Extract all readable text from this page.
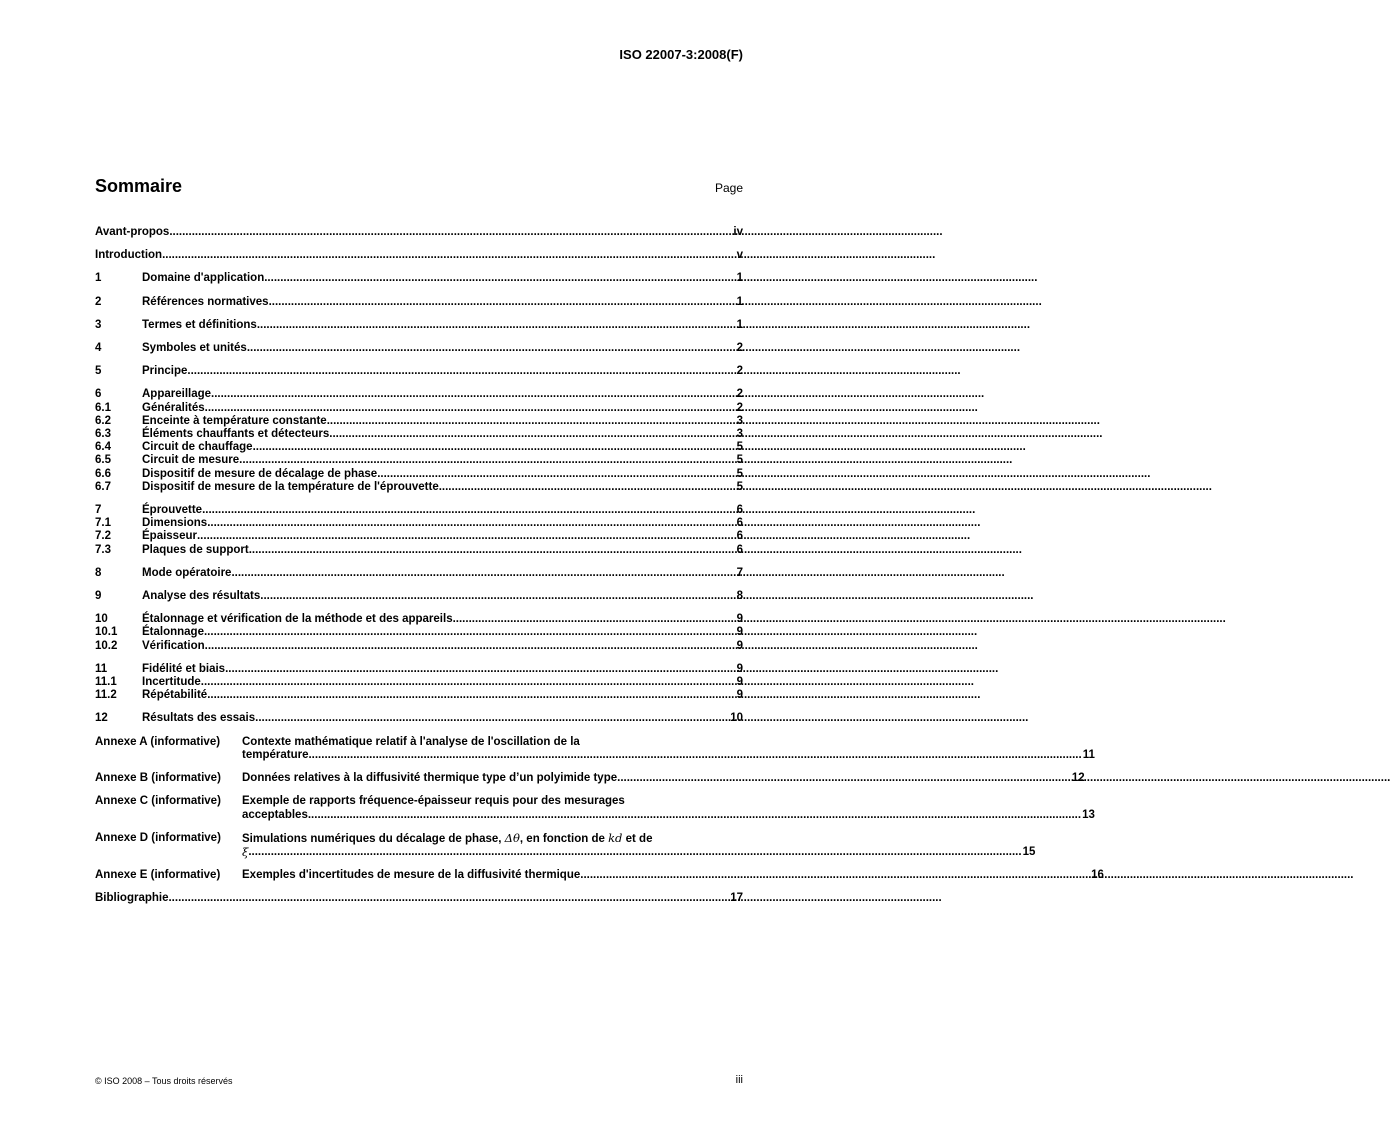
ISO 22007-3:2008(F)
Sommaire	Page
Avant-propos .....	iv
Introduction .....	v
1	Domaine d'application .....	1
2	Références normatives .....	1
3	Termes et définitions .....	1
4	Symboles et unités .....	2
5	Principe .....	2
6	Appareillage .....	2
6.1	Généralités .....	2
6.2	Enceinte à température constante .....	3
6.3	Éléments chauffants et détecteurs .....	3
6.4	Circuit de chauffage .....	5
6.5	Circuit de mesure .....	5
6.6	Dispositif de mesure de décalage de phase .....	5
6.7	Dispositif de mesure de la température de l'éprouvette .....	5
7	Éprouvette .....	6
7.1	Dimensions .....	6
7.2	Épaisseur .....	6
7.3	Plaques de support .....	6
8	Mode opératoire .....	7
9	Analyse des résultats .....	8
10	Étalonnage et vérification de la méthode et des appareils .....	9
10.1	Étalonnage .....	9
10.2	Vérification .....	9
11	Fidélité et biais .....	9
11.1	Incertitude .....	9
11.2	Répétabilité .....	9
12	Résultats des essais .....	10
Annexe A (informative)	Contexte mathématique relatif à l'analyse de l'oscillation de la
température .....	11
Annexe B (informative)	Données relatives à la diffusivité thermique type d’un polyimide type .....	12
Annexe C (informative)	Exemple de rapports fréquence-épaisseur requis pour des mesurages
acceptables .....	13
Annexe D (informative)	Simulations numériques du décalage de phase, Δθ, en fonction de kd et de
ξ .....	15
Annexe E (informative)	Exemples d'incertitudes de mesure de la diffusivité thermique .....	16
Bibliographie .....	17
© ISO 2008 – Tous droits réservés	iii
